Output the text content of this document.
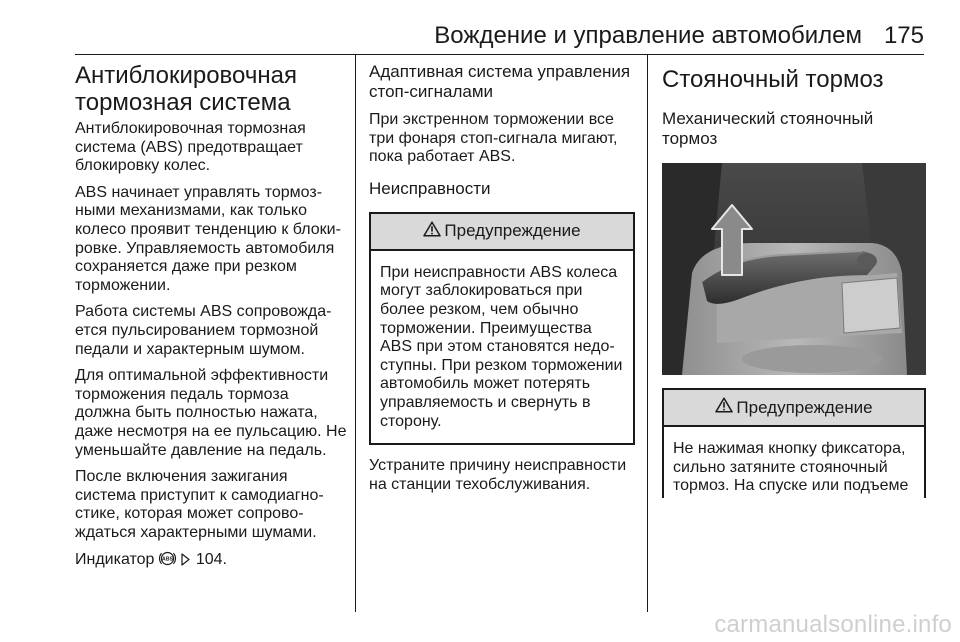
Вождение и управление автомобилем 175
Антиблокировочная тормозная система

Антиблокировочная тормозная система (ABS) предотвращает блокировку колес.

ABS начинает управлять тормозными механизмами, как только колесо проявит тенденцию к блокировке. Управляемость автомобиля сохраняется даже при резком торможении.

Работа системы ABS сопровождается пульсированием тормозной педали и характерным шумом.

Для оптимальной эффективности торможения педаль тормоза должна быть полностью нажата, даже несмотря на ее пульсацию. Не уменьшайте давление на педаль.

После включения зажигания система приступит к самодиагностике, которая может сопровождаться характерными шумами.

Индикатор ABS 104.

Адаптивная система управления стоп-сигналами

При экстренном торможении все три фонаря стоп-сигнала мигают, пока работает ABS.

Неисправности
Предупреждение

При неисправности ABS колеса могут заблокироваться при более резком, чем обычно торможении. Преимущества ABS при этом становятся недоступны. При резком торможении автомобиль может потерять управляемость и свернуть в сторону.

Устраните причину неисправности на станции техобслуживания.

Стояночный тормоз
Механический стояночный тормоз
Предупреждение

Не нажимая кнопку фиксатора, сильно затяните стояночный тормоз. На спуске или подъеме

carmanualsonline.info
